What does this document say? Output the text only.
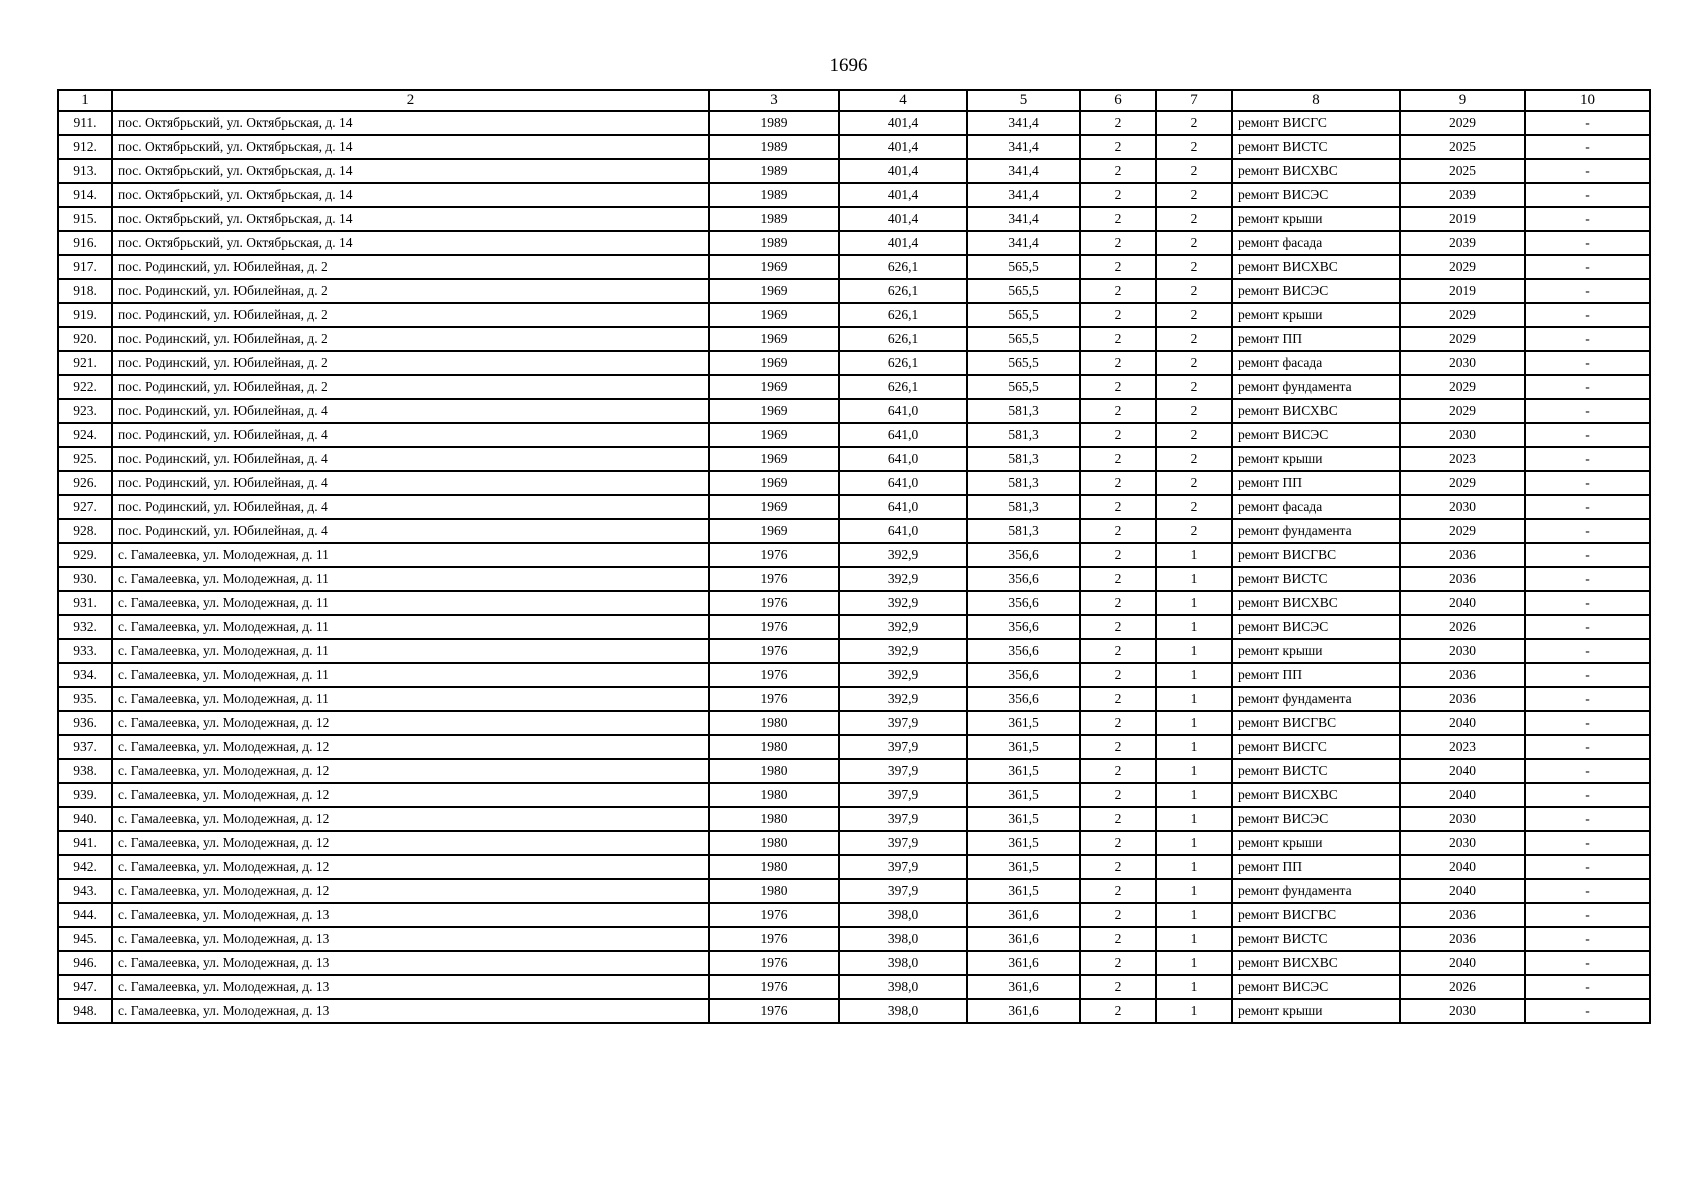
1696
1	2	3	4	5	6	7	8	9	10
911.	пос. Октябрьский, ул. Октябрьская, д. 14	1989	401,4	341,4	2	2	ремонт ВИСГС	2029	-
912.	пос. Октябрьский, ул. Октябрьская, д. 14	1989	401,4	341,4	2	2	ремонт ВИСТС	2025	-
913.	пос. Октябрьский, ул. Октябрьская, д. 14	1989	401,4	341,4	2	2	ремонт ВИСХВС	2025	-
914.	пос. Октябрьский, ул. Октябрьская, д. 14	1989	401,4	341,4	2	2	ремонт ВИСЭС	2039	-
915.	пос. Октябрьский, ул. Октябрьская, д. 14	1989	401,4	341,4	2	2	ремонт крыши	2019	-
916.	пос. Октябрьский, ул. Октябрьская, д. 14	1989	401,4	341,4	2	2	ремонт фасада	2039	-
917.	пос. Родинский, ул. Юбилейная, д. 2	1969	626,1	565,5	2	2	ремонт ВИСХВС	2029	-
918.	пос. Родинский, ул. Юбилейная, д. 2	1969	626,1	565,5	2	2	ремонт ВИСЭС	2019	-
919.	пос. Родинский, ул. Юбилейная, д. 2	1969	626,1	565,5	2	2	ремонт крыши	2029	-
920.	пос. Родинский, ул. Юбилейная, д. 2	1969	626,1	565,5	2	2	ремонт ПП	2029	-
921.	пос. Родинский, ул. Юбилейная, д. 2	1969	626,1	565,5	2	2	ремонт фасада	2030	-
922.	пос. Родинский, ул. Юбилейная, д. 2	1969	626,1	565,5	2	2	ремонт фундамента	2029	-
923.	пос. Родинский, ул. Юбилейная, д. 4	1969	641,0	581,3	2	2	ремонт ВИСХВС	2029	-
924.	пос. Родинский, ул. Юбилейная, д. 4	1969	641,0	581,3	2	2	ремонт ВИСЭС	2030	-
925.	пос. Родинский, ул. Юбилейная, д. 4	1969	641,0	581,3	2	2	ремонт крыши	2023	-
926.	пос. Родинский, ул. Юбилейная, д. 4	1969	641,0	581,3	2	2	ремонт ПП	2029	-
927.	пос. Родинский, ул. Юбилейная, д. 4	1969	641,0	581,3	2	2	ремонт фасада	2030	-
928.	пос. Родинский, ул. Юбилейная, д. 4	1969	641,0	581,3	2	2	ремонт фундамента	2029	-
929.	с. Гамалеевка, ул. Молодежная, д. 11	1976	392,9	356,6	2	1	ремонт ВИСГВС	2036	-
930.	с. Гамалеевка, ул. Молодежная, д. 11	1976	392,9	356,6	2	1	ремонт ВИСТС	2036	-
931.	с. Гамалеевка, ул. Молодежная, д. 11	1976	392,9	356,6	2	1	ремонт ВИСХВС	2040	-
932.	с. Гамалеевка, ул. Молодежная, д. 11	1976	392,9	356,6	2	1	ремонт ВИСЭС	2026	-
933.	с. Гамалеевка, ул. Молодежная, д. 11	1976	392,9	356,6	2	1	ремонт крыши	2030	-
934.	с. Гамалеевка, ул. Молодежная, д. 11	1976	392,9	356,6	2	1	ремонт ПП	2036	-
935.	с. Гамалеевка, ул. Молодежная, д. 11	1976	392,9	356,6	2	1	ремонт фундамента	2036	-
936.	с. Гамалеевка, ул. Молодежная, д. 12	1980	397,9	361,5	2	1	ремонт ВИСГВС	2040	-
937.	с. Гамалеевка, ул. Молодежная, д. 12	1980	397,9	361,5	2	1	ремонт ВИСГС	2023	-
938.	с. Гамалеевка, ул. Молодежная, д. 12	1980	397,9	361,5	2	1	ремонт ВИСТС	2040	-
939.	с. Гамалеевка, ул. Молодежная, д. 12	1980	397,9	361,5	2	1	ремонт ВИСХВС	2040	-
940.	с. Гамалеевка, ул. Молодежная, д. 12	1980	397,9	361,5	2	1	ремонт ВИСЭС	2030	-
941.	с. Гамалеевка, ул. Молодежная, д. 12	1980	397,9	361,5	2	1	ремонт крыши	2030	-
942.	с. Гамалеевка, ул. Молодежная, д. 12	1980	397,9	361,5	2	1	ремонт ПП	2040	-
943.	с. Гамалеевка, ул. Молодежная, д. 12	1980	397,9	361,5	2	1	ремонт фундамента	2040	-
944.	с. Гамалеевка, ул. Молодежная, д. 13	1976	398,0	361,6	2	1	ремонт ВИСГВС	2036	-
945.	с. Гамалеевка, ул. Молодежная, д. 13	1976	398,0	361,6	2	1	ремонт ВИСТС	2036	-
946.	с. Гамалеевка, ул. Молодежная, д. 13	1976	398,0	361,6	2	1	ремонт ВИСХВС	2040	-
947.	с. Гамалеевка, ул. Молодежная, д. 13	1976	398,0	361,6	2	1	ремонт ВИСЭС	2026	-
948.	с. Гамалеевка, ул. Молодежная, д. 13	1976	398,0	361,6	2	1	ремонт крыши	2030	-
